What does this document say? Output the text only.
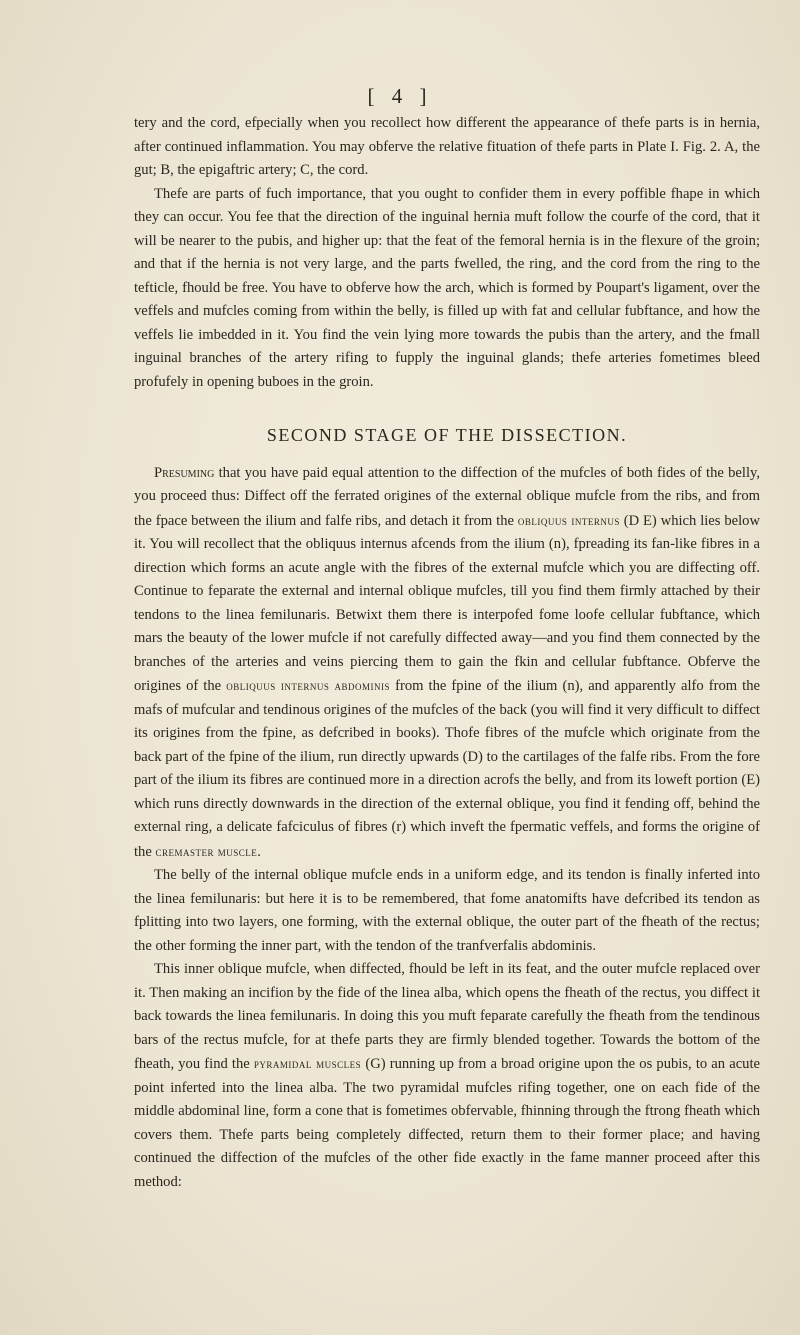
[ 4 ]

tery and the cord, efpecially when you recollect how different the appearance of thefe parts is in hernia, after continued inflammation. You may obferve the relative fituation of thefe parts in Plate I. Fig. 2. A, the gut; B, the epigaftric artery; C, the cord.

Thefe are parts of fuch importance, that you ought to confider them in every poffible fhape in which they can occur. You fee that the direction of the inguinal hernia muft follow the courfe of the cord, that it will be nearer to the pubis, and higher up: that the feat of the femoral hernia is in the flexure of the groin; and that if the hernia is not very large, and the parts fwelled, the ring, and the cord from the ring to the tefticle, fhould be free. You have to obferve how the arch, which is formed by Poupart's ligament, over the veffels and mufcles coming from within the belly, is filled up with fat and cellular fubftance, and how the veffels lie imbedded in it. You find the vein lying more towards the pubis than the artery, and the fmall inguinal branches of the artery rifing to fupply the inguinal glands; thefe arteries fometimes bleed profufely in opening buboes in the groin.

SECOND STAGE OF THE DISSECTION.

Presuming that you have paid equal attention to the diffection of the mufcles of both fides of the belly, you proceed thus: Diffect off the ferrated origines of the external oblique mufcle from the ribs, and from the fpace between the ilium and falfe ribs, and detach it from the obliquus internus (D E) which lies below it. You will recollect that the obliquus internus afcends from the ilium (n), fpreading its fan-like fibres in a direction which forms an acute angle with the fibres of the external mufcle which you are diffecting off. Continue to feparate the external and internal oblique mufcles, till you find them firmly attached by their tendons to the linea femilunaris. Betwixt them there is interpofed fome loofe cellular fubftance, which mars the beauty of the lower mufcle if not carefully diffected away—and you find them connected by the branches of the arteries and veins piercing them to gain the fkin and cellular fubftance. Obferve the origines of the obliquus internus abdominis from the fpine of the ilium (n), and apparently alfo from the mafs of mufcular and tendinous origines of the mufcles of the back (you will find it very difficult to diffect its origines from the fpine, as defcribed in books). Thofe fibres of the mufcle which originate from the back part of the fpine of the ilium, run directly upwards (D) to the cartilages of the falfe ribs. From the fore part of the ilium its fibres are continued more in a direction acrofs the belly, and from its loweft portion (E) which runs directly downwards in the direction of the external oblique, you find it fending off, behind the external ring, a delicate fafciculus of fibres (r) which inveft the fpermatic veffels, and forms the origine of the cremaster muscle.

The belly of the internal oblique mufcle ends in a uniform edge, and its tendon is finally inferted into the linea femilunaris: but here it is to be remembered, that fome anatomifts have defcribed its tendon as fplitting into two layers, one forming, with the external oblique, the outer part of the fheath of the rectus; the other forming the inner part, with the tendon of the tranfverfalis abdominis.

This inner oblique mufcle, when diffected, fhould be left in its feat, and the outer mufcle replaced over it. Then making an incifion by the fide of the linea alba, which opens the fheath of the rectus, you diffect it back towards the linea femilunaris. In doing this you muft feparate carefully the fheath from the tendinous bars of the rectus mufcle, for at thefe parts they are firmly blended together. Towards the bottom of the fheath, you find the pyramidal muscles (G) running up from a broad origine upon the os pubis, to an acute point inferted into the linea alba. The two pyramidal mufcles rifing together, one on each fide of the middle abdominal line, form a cone that is fometimes obfervable, fhinning through the ftrong fheath which covers them. Thefe parts being completely diffected, return them to their former place; and having continued the diffection of the mufcles of the other fide exactly in the fame manner proceed after this method:
